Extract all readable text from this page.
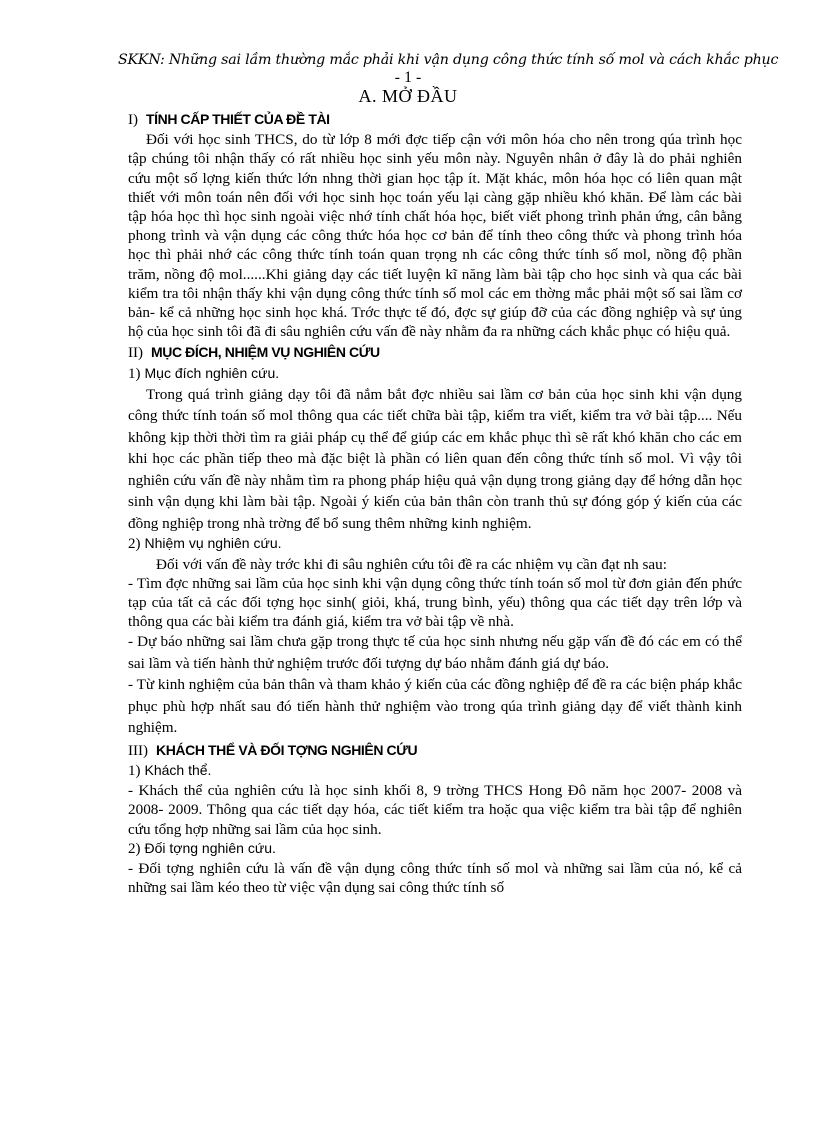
SKKN: Những sai lầm thường mắc phải khi vận dụng công thức tính số mol và cách khắc phục
- 1 -
A. MỞ ĐẦU
I) TÍNH CẤP THIẾT CỦA ĐỀ TÀI

Đối với học sinh THCS, do từ lớp 8 mới đợc tiếp cận với môn hóa cho nên trong qúa trình học tập chúng tôi nhận thấy có rất nhiều học sinh yếu môn này. Nguyên nhân ở đây là do phải nghiên cứu một số lợng kiến thức lớn nhng thời gian học tập ít. Mặt khác, môn hóa học có liên quan mật thiết với môn toán nên đối với học sinh học toán yếu lại càng gặp nhiều khó khăn. Để làm các bài tập hóa học thì học sinh ngoài việc nhớ tính chất hóa học, biết viết phong trình phản ứng, cân bằng phong trình và vận dụng các công thức hóa học cơ bản để tính theo công thức và phong trình hóa học thì phải nhớ các công thức tính toán quan trọng nh các công thức tính số mol, nồng độ phần trăm, nồng độ mol......Khi giảng dạy các tiết luyện kĩ năng làm bài tập cho học sinh và qua các bài kiểm tra tôi nhận thấy khi vận dụng công thức tính số mol các em thờng mắc phải một số sai lầm cơ bản- kể cả những học sinh học khá. Trớc thực tế đó, đợc sự giúp đỡ của các đồng nghiệp và sự ủng hộ của học sinh tôi đã đi sâu nghiên cứu vấn đề này nhằm đa ra những cách khắc phục có hiệu quả.

II) MỤC ĐÍCH, NHIỆM VỤ NGHIÊN CỨU
1) Mục đích nghiên cứu.

Trong quá trình giảng dạy tôi đã nắm bắt đợc nhiều sai lầm cơ bản của học sinh khi vận dụng công thức tính toán số mol thông qua các tiết chữa bài tập, kiểm tra viết, kiểm tra vở bài tập.... Nếu không kịp thời thời tìm ra giải pháp cụ thể để giúp các em khắc phục thì sẽ rất khó khăn cho các em khi học các phần tiếp theo mà đặc biệt là phần có liên quan đến công thức tính số mol. Vì vậy tôi nghiên cứu vấn đề này nhằm tìm ra phong pháp hiệu quả vận dụng trong giảng dạy để hớng dẫn học sinh vận dụng khi làm bài tập. Ngoài ý kiến của bản thân còn tranh thủ sự đóng góp ý kiến của các đồng nghiệp trong nhà trờng để bổ sung thêm những kinh nghiệm.

2) Nhiệm vụ nghiên cứu.

Đối với vấn đề này trớc khi đi sâu nghiên cứu tôi đề ra các nhiệm vụ cần đạt nh sau:

- Tìm đợc những sai lầm của học sinh khi vận dụng công thức tính toán số mol từ đơn giản đến phức tạp của tất cả các đối tợng học sinh( giỏi, khá, trung bình, yếu) thông qua các tiết dạy trên lớp và thông qua các bài kiểm tra đánh giá, kiểm tra vở bài tập về nhà.

- Dự báo những sai lầm chưa gặp trong thực tế của học sinh nhưng nếu gặp vấn đề đó các em có thể sai lầm và tiến hành thử nghiệm trước đối tượng dự báo nhằm đánh giá dự báo.

- Từ kinh nghiệm của bản thân và tham khảo ý kiến của các đồng nghiệp để đề ra các biện pháp khắc phục phù hợp nhất sau đó tiến hành thử nghiệm vào trong qúa trình giảng dạy để viết thành kinh nghiệm.

III) KHÁCH THỂ VÀ ĐỐI TỢNG NGHIÊN CỨU
1) Khách thể.

- Khách thể của nghiên cứu là học sinh khối 8, 9 trờng THCS Hong Đô năm học 2007- 2008 và 2008- 2009. Thông qua các tiết dạy hóa, các tiết kiểm tra hoặc qua việc kiểm tra bài tập để nghiên cứu tổng hợp những sai lầm của học sinh.

2) Đối tợng nghiên cứu.

- Đối tợng nghiên cứu là vấn đề vận dụng công thức tính số mol và những sai lầm của nó, kể cả những sai lầm kéo theo từ việc vận dụng sai công thức tính số
